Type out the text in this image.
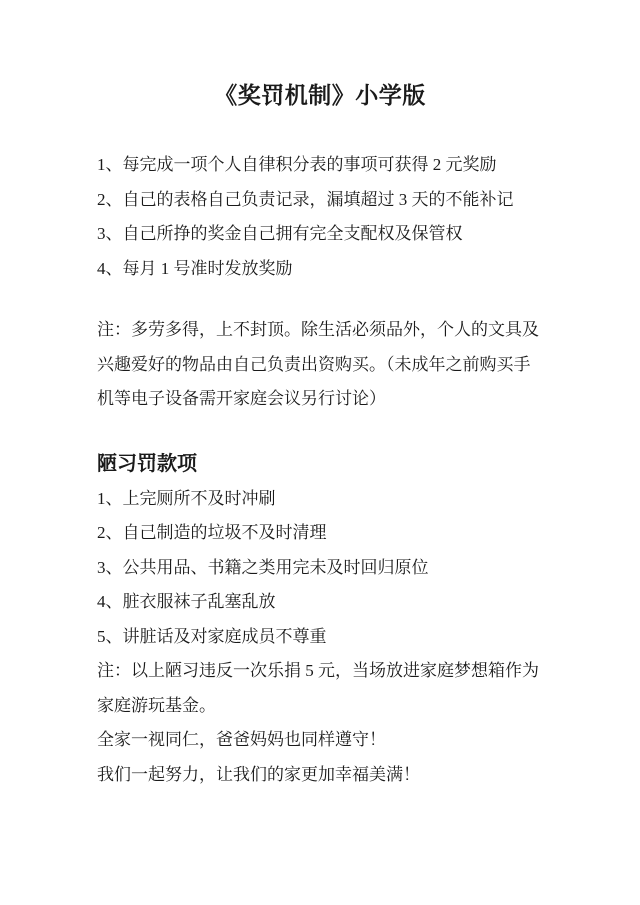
《奖罚机制》小学版
1、每完成一项个人自律积分表的事项可获得 2 元奖励
2、自己的表格自己负责记录，漏填超过 3 天的不能补记
3、自己所挣的奖金自己拥有完全支配权及保管权
4、每月 1 号准时发放奖励
注：多劳多得，上不封顶。除生活必须品外，个人的文具及
兴趣爱好的物品由自己负责出资购买。（未成年之前购买手
机等电子设备需开家庭会议另行讨论）
陋习罚款项
1、上完厕所不及时冲刷
2、自己制造的垃圾不及时清理
3、公共用品、书籍之类用完未及时回归原位
4、脏衣服袜子乱塞乱放
5、讲脏话及对家庭成员不尊重
注：以上陋习违反一次乐捐 5 元，当场放进家庭梦想箱作为
家庭游玩基金。
全家一视同仁，爸爸妈妈也同样遵守！
我们一起努力，让我们的家更加幸福美满！
